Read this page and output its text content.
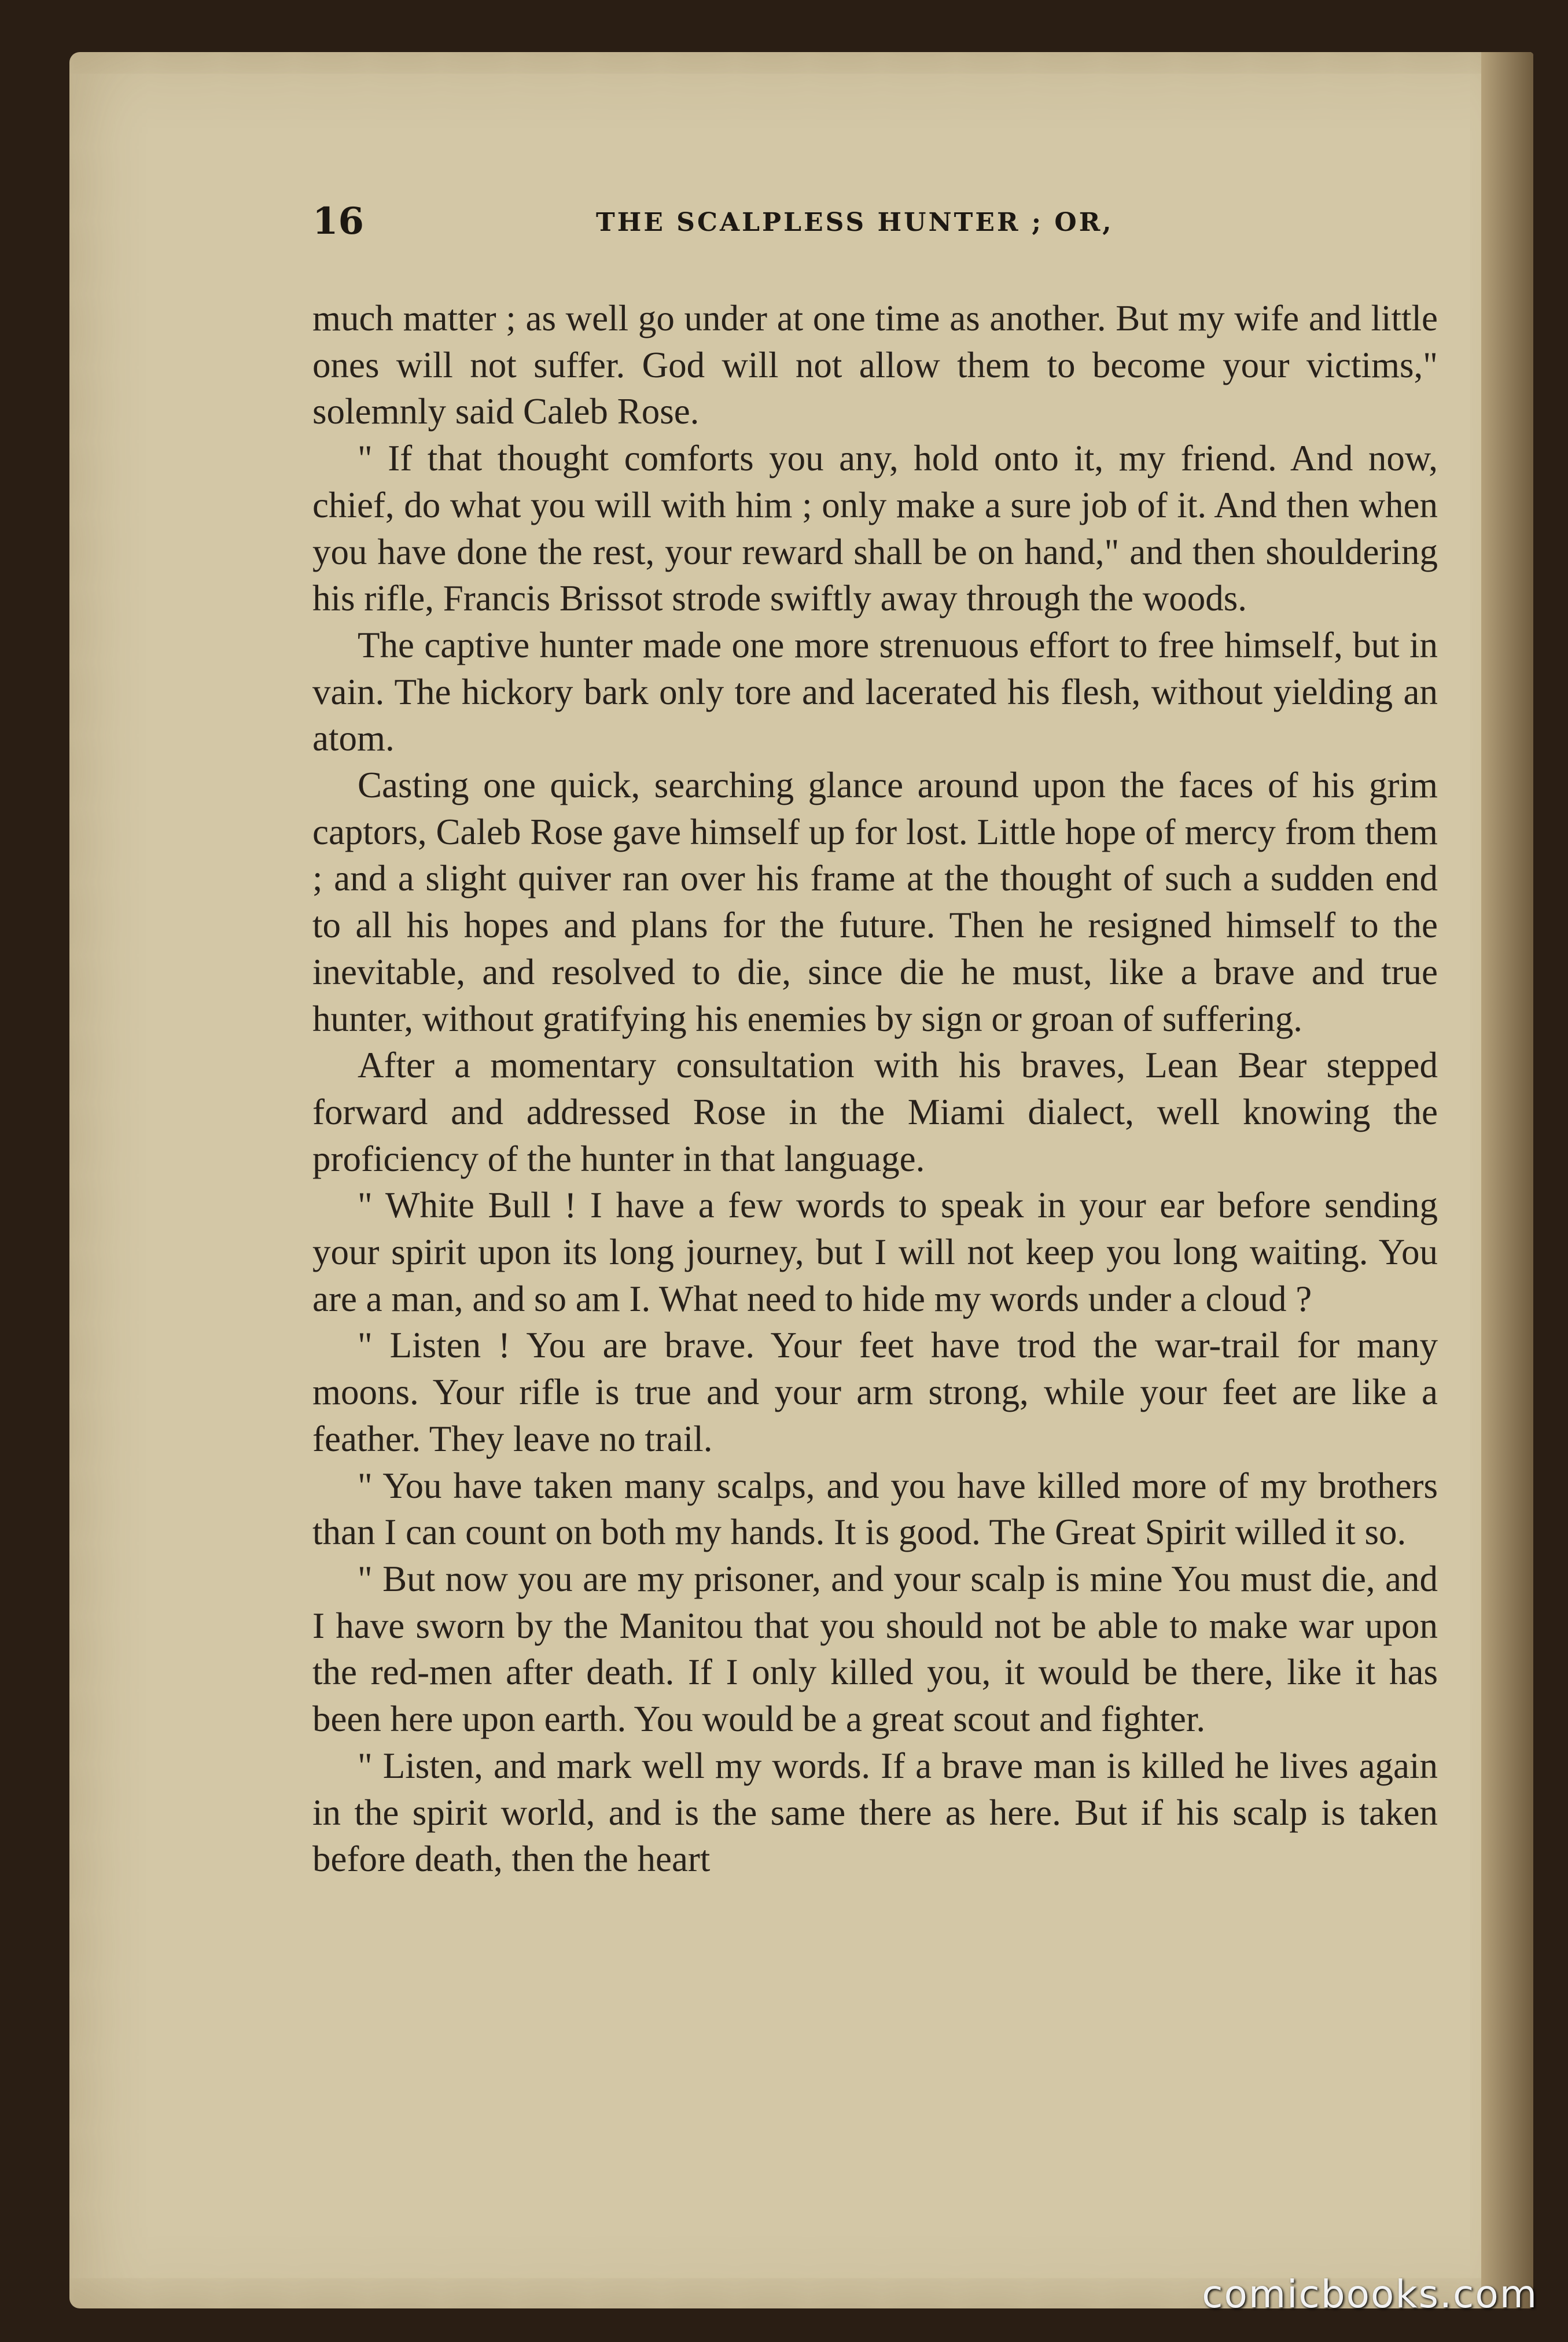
16	THE SCALPLESS HUNTER ; OR,

much matter ; as well go under at one time as another. But my wife and little ones will not suffer. God will not allow them to become your victims," solemnly said Caleb Rose.

" If that thought comforts you any, hold onto it, my friend. And now, chief, do what you will with him ; only make a sure job of it. And then when you have done the rest, your reward shall be on hand," and then shouldering his rifle, Francis Brissot strode swiftly away through the woods.

The captive hunter made one more strenuous effort to free himself, but in vain. The hickory bark only tore and lacerated his flesh, without yielding an atom.

Casting one quick, searching glance around upon the faces of his grim captors, Caleb Rose gave himself up for lost. Little hope of mercy from them ; and a slight quiver ran over his frame at the thought of such a sudden end to all his hopes and plans for the future. Then he resigned himself to the inevitable, and resolved to die, since die he must, like a brave and true hunter, without gratifying his enemies by sign or groan of suffering.

After a momentary consultation with his braves, Lean Bear stepped forward and addressed Rose in the Miami dialect, well knowing the proficiency of the hunter in that language.

" White Bull ! I have a few words to speak in your ear before sending your spirit upon its long journey, but I will not keep you long waiting. You are a man, and so am I. What need to hide my words under a cloud ?

" Listen ! You are brave. Your feet have trod the war-trail for many moons. Your rifle is true and your arm strong, while your feet are like a feather. They leave no trail.

" You have taken many scalps, and you have killed more of my brothers than I can count on both my hands. It is good. The Great Spirit willed it so.

" But now you are my prisoner, and your scalp is mine You must die, and I have sworn by the Manitou that you should not be able to make war upon the red-men after death. If I only killed you, it would be there, like it has been here upon earth. You would be a great scout and fighter.

" Listen, and mark well my words. If a brave man is killed he lives again in the spirit world, and is the same there as here. But if his scalp is taken before death, then the heart

comicbooks.com
